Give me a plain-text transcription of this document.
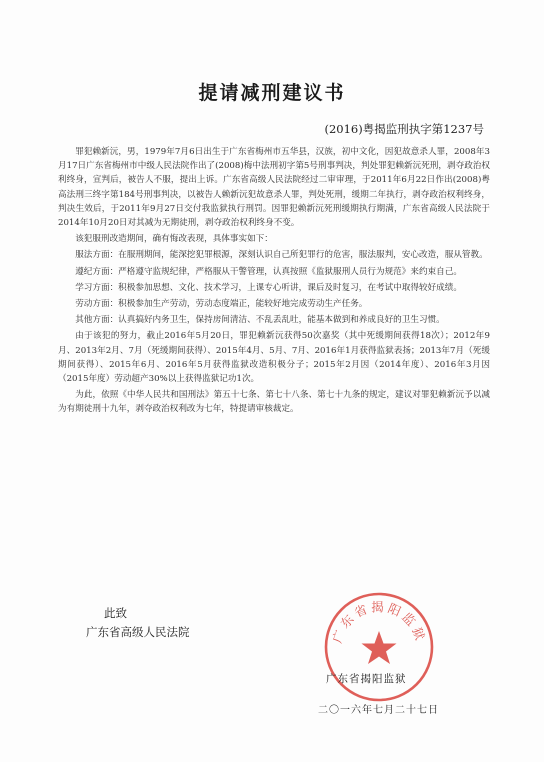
提请减刑建议书
(2016)粤揭监刑执字第1237号

罪犯赖新沅，男，1979年7月6日出生于广东省梅州市五华县，汉族，初中文化，因犯故意杀人罪，2008年3月17日广东省梅州市中级人民法院作出了(2008)梅中法刑初字第5号刑事判决，判处罪犯赖新沅死刑，剥夺政治权利终身，宣判后，被告人不服，提出上诉。广东省高级人民法院经过二审审理，于2011年6月22日作出(2008)粤高法刑三终字第184号刑事判决，以被告人赖新沅犯故意杀人罪，判处死刑，缓期二年执行，剥夺政治权利终身，判决生效后，于2011年9月27日交付我监狱执行刑罚。因罪犯赖新沅死刑缓期执行期满，广东省高级人民法院于2014年10月20日对其减为无期徒刑，剥夺政治权利终身不变。

该犯服刑改造期间，确有悔改表现，具体事实如下：

服法方面：在服刑期间，能深挖犯罪根源，深刻认识自己所犯罪行的危害，服法服判，安心改造，服从管教。

遵纪方面：严格遵守监规纪律，严格服从干警管理，认真按照《监狱服刑人员行为规范》来约束自己。

学习方面：积极参加思想、文化、技术学习，上课专心听讲，课后及时复习，在考试中取得较好成绩。

劳动方面：积极参加生产劳动，劳动态度端正，能较好地完成劳动生产任务。

其他方面：认真搞好内务卫生，保持房间清洁、不乱丢乱吐，能基本做到和养成良好的卫生习惯。

由于该犯的努力，截止2016年5月20日，罪犯赖新沅获得50次嘉奖（其中死缓期间获得18次）；2012年9月、2013年2月、7月（死缓期间获得）、2015年4月、5月、7月、2016年1月获得监狱表扬；2013年7月（死缓期间获得）、2015年6月、2016年5月获得监狱改造积极分子；2015年2月因（2014年度）、2016年3月因（2015年度）劳动超产30%以上获得监狱记功1次。

为此，依照《中华人民共和国刑法》第五十七条、第七十八条、第七十九条的规定，建议对罪犯赖新沅予以减为有期徒刑十九年，剥夺政治权利改为七年，特提请审核裁定。

此致
广东省高级人民法院	广东省揭阳监狱
广东省揭阳监狱
二〇一六年七月二十七日
